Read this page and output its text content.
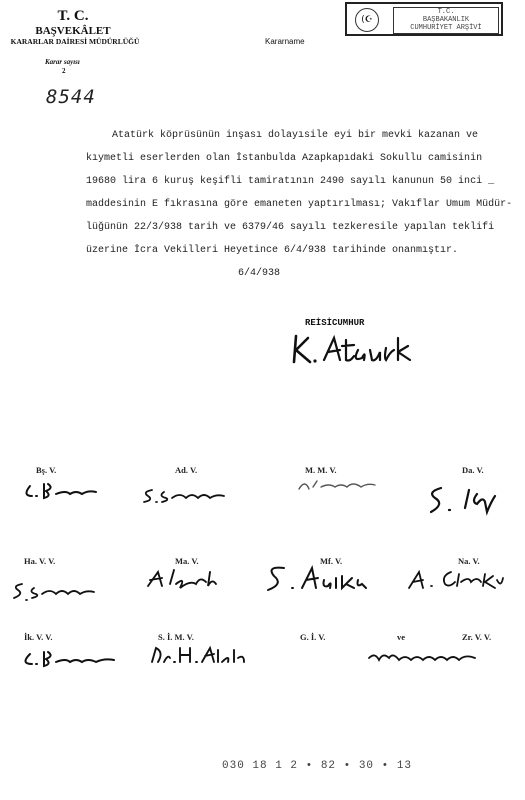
T. C.
BAŞVEKÂLET
KARARLAR DAİRESİ MÜDÜRLÜĞÜ
Karar sayısı
2
8544
Kararname
(☪
T.C.
BAŞBAKANLIK
CUMHURİYET ARŞİVİ
Atatürk köprüsünün inşası dolayısile eyi bir mevki kazanan ve
kıymetli eserlerden olan İstanbulda Azapkapıdaki Sokullu camisinin
19680 lira 6 kuruş keşifli tamiratının 2490 sayılı kanunun 50 inci _
maddesinin E fıkrasına göre emaneten yaptırılması; Vakıflar Umum Müdür-
lüğünün 22/3/938 tarih ve 6379/46 sayılı tezkeresile yapılan teklifi
üzerine İcra Vekilleri Heyetince 6/4/938 tarihinde onanmıştır.
6/4/938
REİSİCUMHUR
Bş. V.	Ad. V.	M. M. V.	Da. V.
Ha. V. V.	Ma. V.	Mf. V.	Na. V.
İk. V. V.	S. İ. M. V.	G. İ. V.	ve	Zr. V. V.
030 18 1 2 • 82 • 30 • 13
